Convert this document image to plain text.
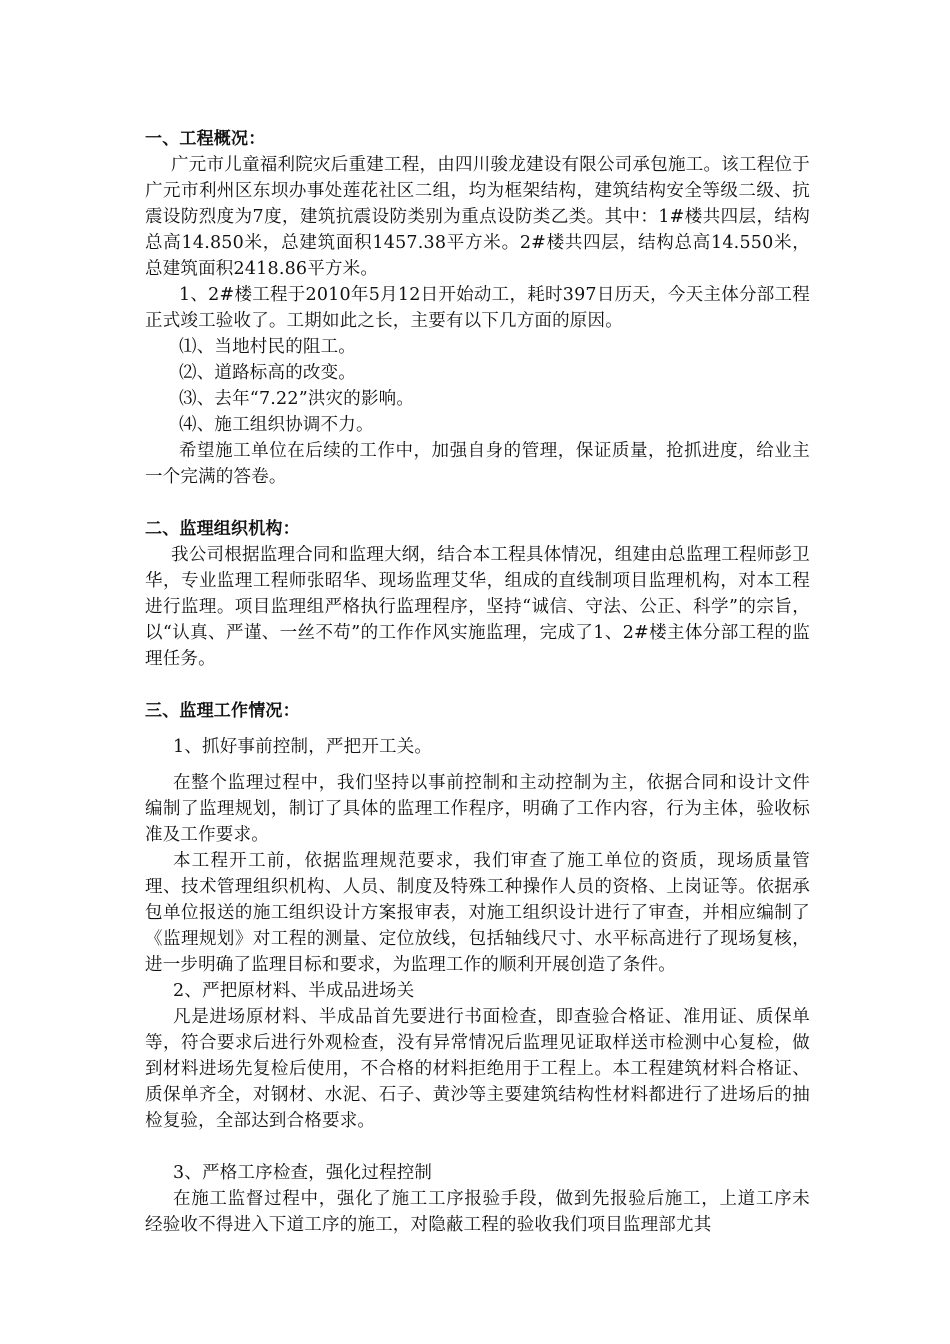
一、工程概况：

广元市儿童福利院灾后重建工程，由四川骏龙建设有限公司承包施工。该工程位于广元市利州区东坝办事处莲花社区二组，均为框架结构，建筑结构安全等级二级、抗震设防烈度为7度，建筑抗震设防类别为重点设防类乙类。其中：1#楼共四层，结构总高14.850米，总建筑面积1457.38平方米。2#楼共四层，结构总高14.550米，总建筑面积2418.86平方米。

1、2#楼工程于2010年5月12日开始动工，耗时397日历天，今天主体分部工程正式竣工验收了。工期如此之长，主要有以下几方面的原因。

⑴、当地村民的阻工。

⑵、道路标高的改变。

⑶、去年“7.22”洪灾的影响。

⑷、施工组织协调不力。

希望施工单位在后续的工作中，加强自身的管理，保证质量，抢抓进度，给业主一个完满的答卷。

二、监理组织机构：

我公司根据监理合同和监理大纲，结合本工程具体情况，组建由总监理工程师彭卫华，专业监理工程师张昭华、现场监理艾华，组成的直线制项目监理机构，对本工程进行监理。项目监理组严格执行监理程序，坚持“诚信、守法、公正、科学”的宗旨，以“认真、严谨、一丝不苟”的工作作风实施监理，完成了1、2#楼主体分部工程的监理任务。

三、监理工作情况：

1、抓好事前控制，严把开工关。

在整个监理过程中，我们坚持以事前控制和主动控制为主，依据合同和设计文件编制了监理规划，制订了具体的监理工作程序，明确了工作内容，行为主体，验收标准及工作要求。

本工程开工前，依据监理规范要求，我们审查了施工单位的资质，现场质量管理、技术管理组织机构、人员、制度及特殊工种操作人员的资格、上岗证等。依据承包单位报送的施工组织设计方案报审表，对施工组织设计进行了审查，并相应编制了《监理规划》对工程的测量、定位放线，包括轴线尺寸、水平标高进行了现场复核，进一步明确了监理目标和要求，为监理工作的顺利开展创造了条件。

2、严把原材料、半成品进场关

凡是进场原材料、半成品首先要进行书面检查，即查验合格证、准用证、质保单等，符合要求后进行外观检查，没有异常情况后监理见证取样送市检测中心复检，做到材料进场先复检后使用，不合格的材料拒绝用于工程上。本工程建筑材料合格证、质保单齐全，对钢材、水泥、石子、黄沙等主要建筑结构性材料都进行了进场后的抽检复验，全部达到合格要求。

3、严格工序检查，强化过程控制

在施工监督过程中，强化了施工工序报验手段，做到先报验后施工，上道工序未经验收不得进入下道工序的施工，对隐蔽工程的验收我们项目监理部尤其
